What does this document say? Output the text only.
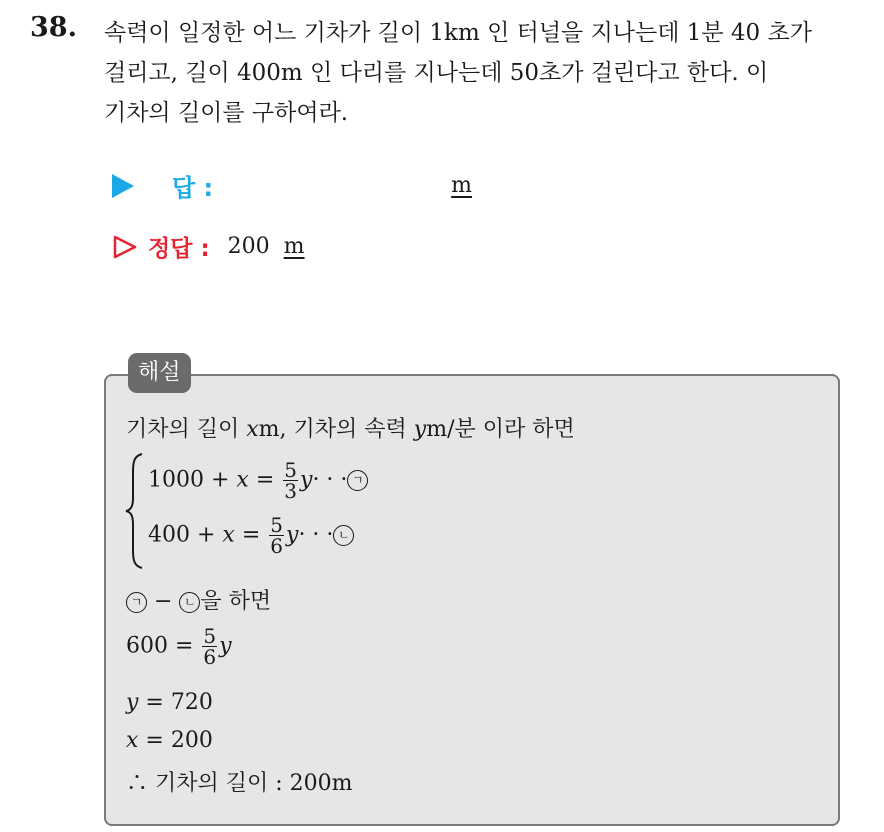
38. 속력이 일정한 어느 기차가 길이 1km 인 터널을 지나는데 1분 40 초가
걸리고, 길이 400m 인 다리를 지나는데 50초가 걸린다고 한다. 이
기차의 길이를 구하여라.
답 :	m
정답 : 200 m
해설
기차의 길이 xm, 기차의 속력 ym/분 이라 하면
$1000 + x = \frac{5}{3} y\cdot$ · · ㄱ
$400 + x = \frac{5}{6} y\cdot$ · · ㄴ
ㄱ − ㄴ 을 하면
$600 = \frac{5}{6}$ y
y = 720
x = 200
∴ 기차의 길이 : 200m
